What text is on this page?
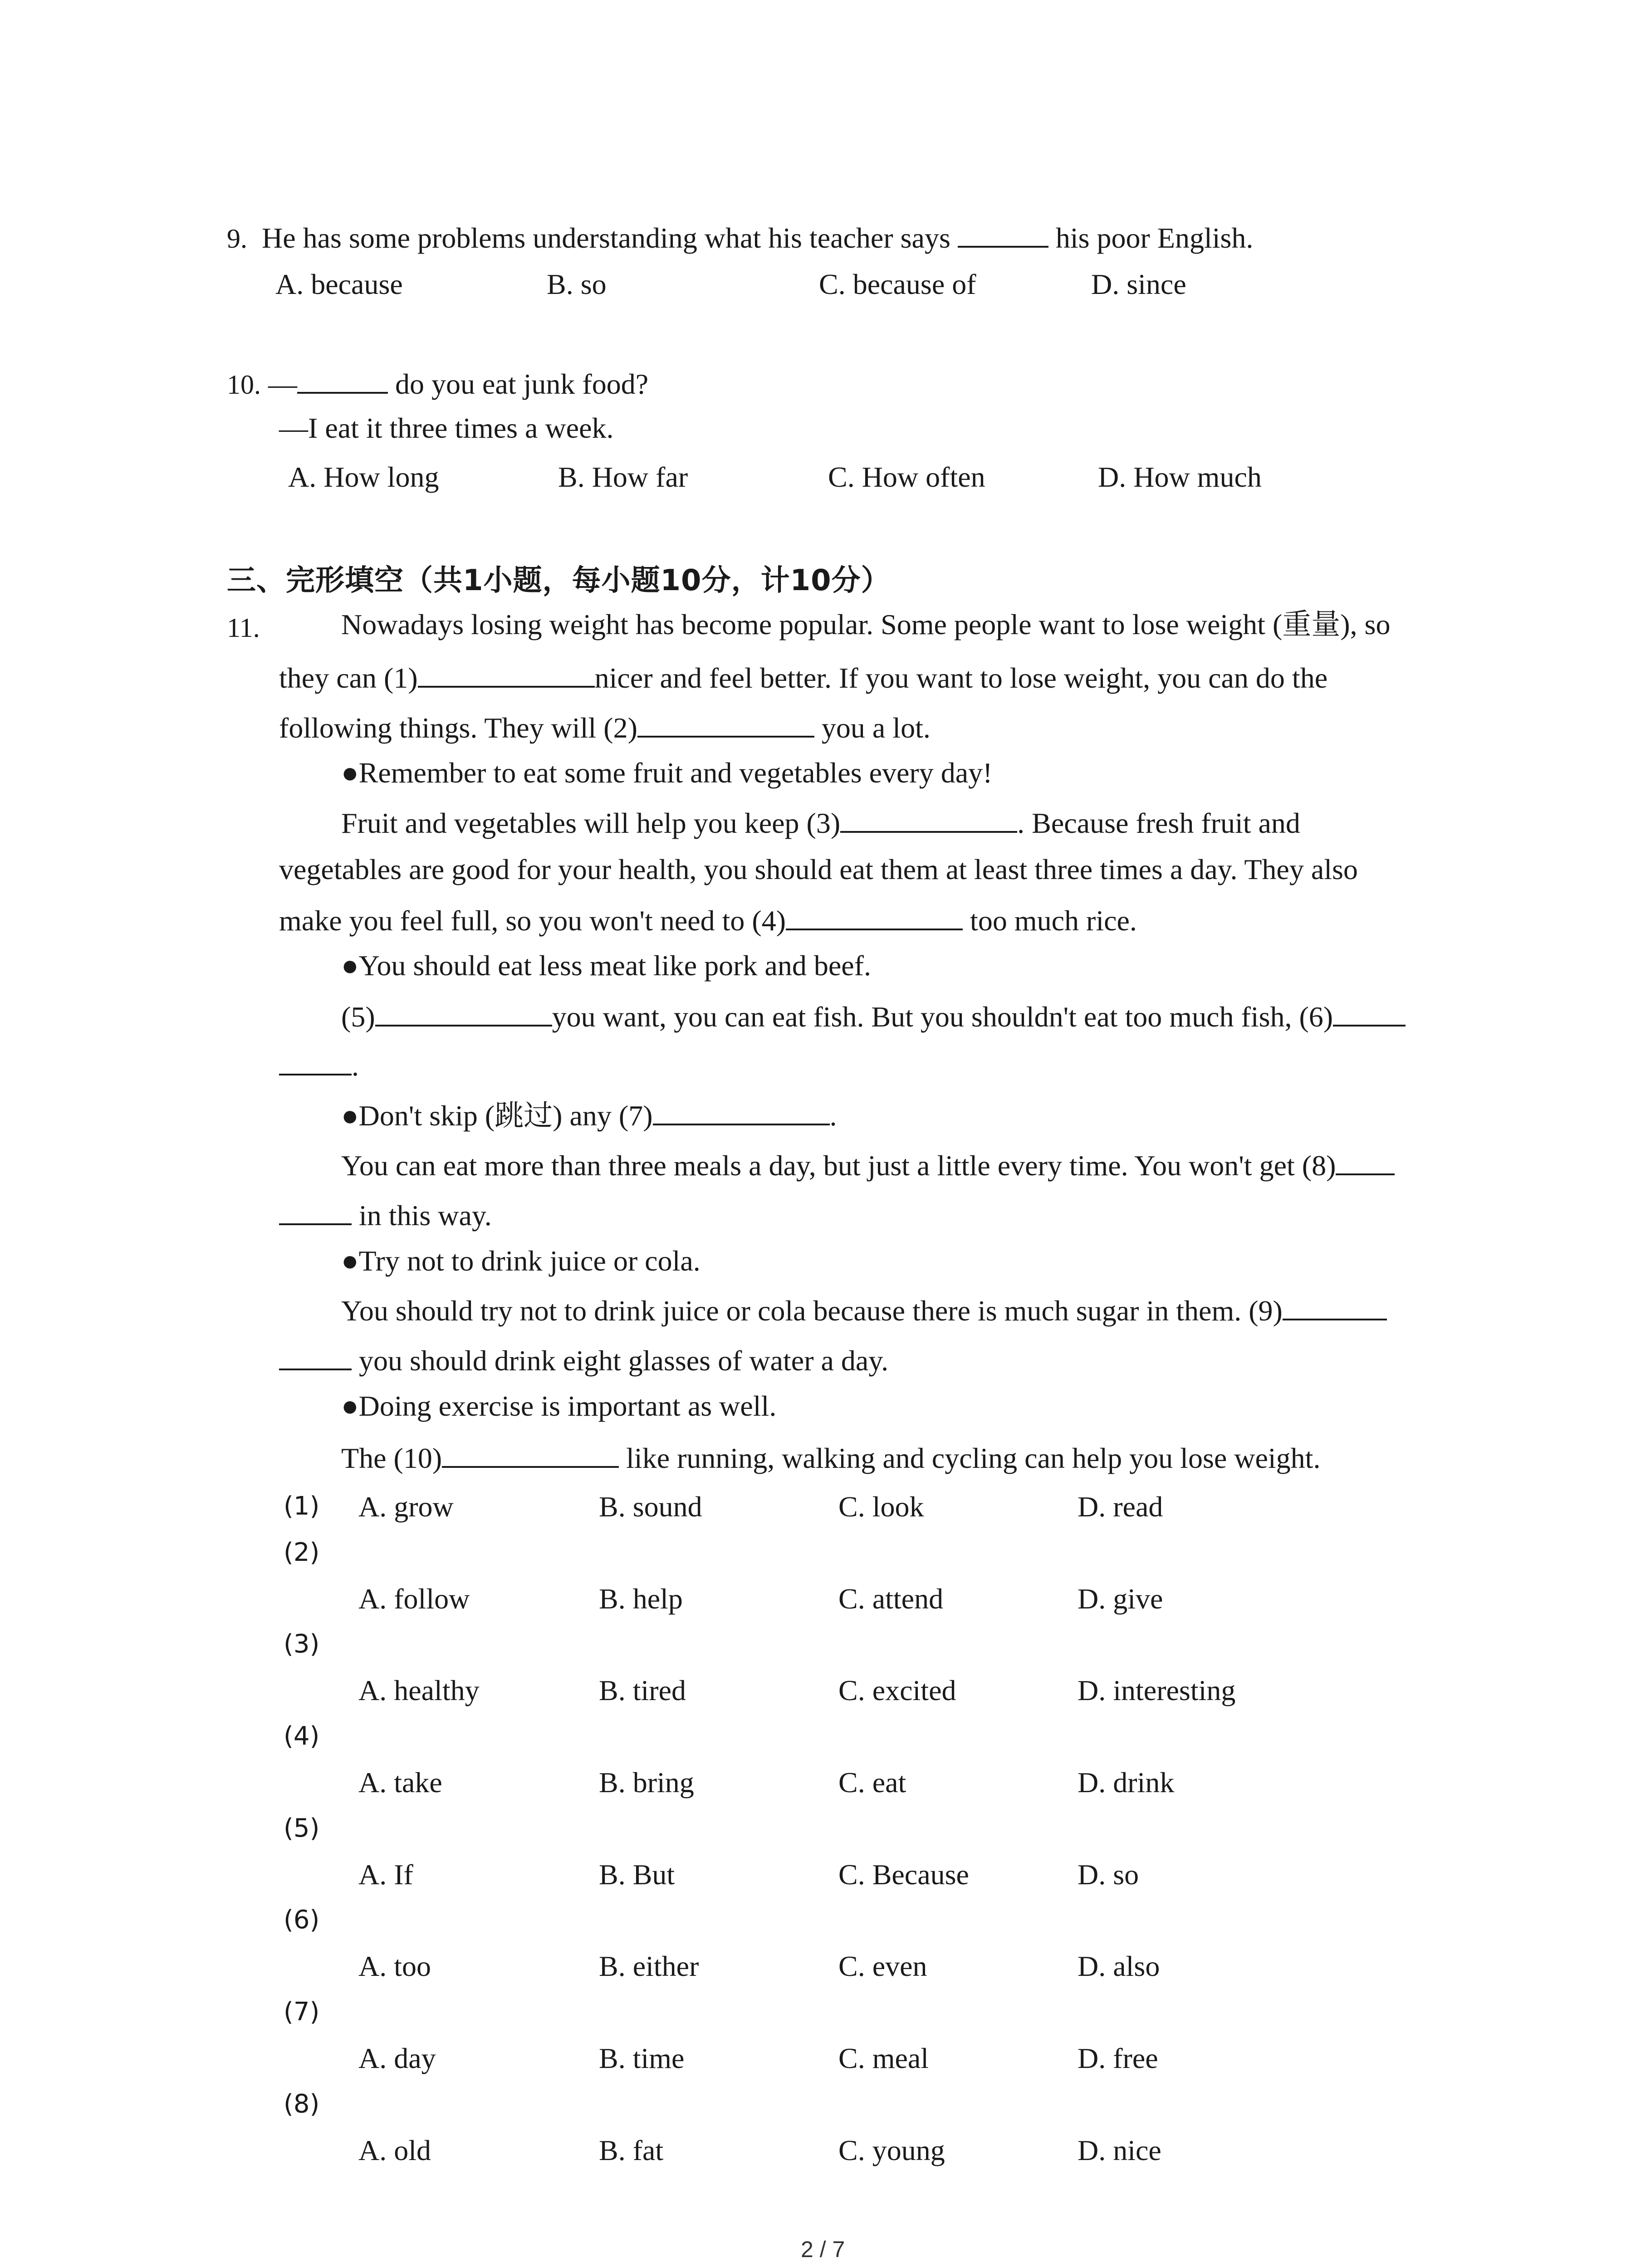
9. He has some problems understanding what his teacher says	his poor English.
A. because	B. so	C. because of	D. since
10. —	do you eat junk food?
—I eat it three times a week.
A. How long	B. How far	C. How often	D. How much
三、完形填空（共1小题，每小题10分，计10分）
11.	Nowadays losing weight has become popular. Some people want to lose weight (重量), so
they can (1)	nicer and feel better. If you want to lose weight, you can do the
following things. They will (2)	you a lot.
●Remember to eat some fruit and vegetables every day!
Fruit and vegetables will help you keep (3)	. Because fresh fruit and
vegetables are good for your health, you should eat them at least three times a day. They also
make you feel full, so you won't need to (4)	too much rice.
●You should eat less meat like pork and beef.
(5)	you want, you can eat fish. But you shouldn't eat too much fish, (6)
.
●Don't skip (跳过) any (7)	.
You can eat more than three meals a day, but just a little every time. You won't get (8)
in this way.
●Try not to drink juice or cola.
You should try not to drink juice or cola because there is much sugar in them. (9)
you should drink eight glasses of water a day.
●Doing exercise is important as well.
The (10)	like running, walking and cycling can help you lose weight.
(1) A. grow	B. sound	C. look	D. read
(2)
A. follow	B. help	C. attend	D. give
(3)
A. healthy	B. tired	C. excited	D. interesting
(4)
A. take	B. bring	C. eat	D. drink
(5)
A. If	B. But	C. Because	D. so
(6)
A. too	B. either	C. even	D. also
(7)
A. day	B. time	C. meal	D. free
(8)
A. old	B. fat	C. young	D. nice
2 / 7
